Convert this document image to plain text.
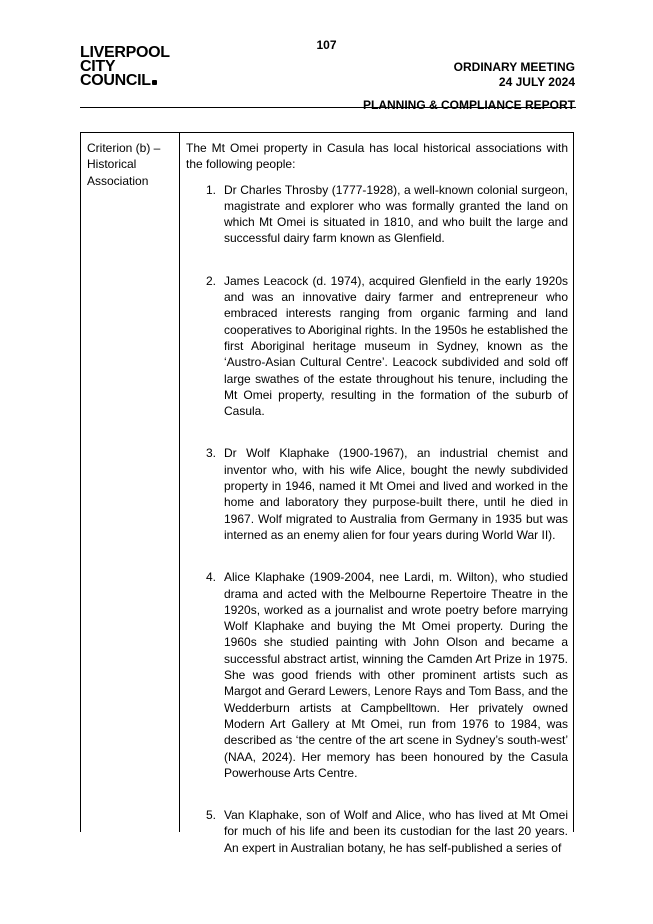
107
LIVERPOOL
CITY
COUNCIL
ORDINARY MEETING
24 JULY 2024
PLANNING & COMPLIANCE REPORT
Criterion (b) – Historical Association

The Mt Omei property in Casula has local historical associations with the following people:

1. Dr Charles Throsby (1777-1928), a well-known colonial surgeon, magistrate and explorer who was formally granted the land on which Mt Omei is situated in 1810, and who built the large and successful dairy farm known as Glenfield.
2. James Leacock (d. 1974), acquired Glenfield in the early 1920s and was an innovative dairy farmer and entrepreneur who embraced interests ranging from organic farming and land cooperatives to Aboriginal rights. In the 1950s he established the first Aboriginal heritage museum in Sydney, known as the ‘Austro-Asian Cultural Centre’. Leacock subdivided and sold off large swathes of the estate throughout his tenure, including the Mt Omei property, resulting in the formation of the suburb of Casula.
3. Dr Wolf Klaphake (1900-1967), an industrial chemist and inventor who, with his wife Alice, bought the newly subdivided property in 1946, named it Mt Omei and lived and worked in the home and laboratory they purpose-built there, until he died in 1967. Wolf migrated to Australia from Germany in 1935 but was interned as an enemy alien for four years during World War II).
4. Alice Klaphake (1909-2004, nee Lardi, m. Wilton), who studied drama and acted with the Melbourne Repertoire Theatre in the 1920s, worked as a journalist and wrote poetry before marrying Wolf Klaphake and buying the Mt Omei property. During the 1960s she studied painting with John Olson and became a successful abstract artist, winning the Camden Art Prize in 1975. She was good friends with other prominent artists such as Margot and Gerard Lewers, Lenore Rays and Tom Bass, and the Wedderburn artists at Campbelltown. Her privately owned Modern Art Gallery at Mt Omei, run from 1976 to 1984, was described as ‘the centre of the art scene in Sydney’s south-west’ (NAA, 2024). Her memory has been honoured by the Casula Powerhouse Arts Centre.
5. Van Klaphake, son of Wolf and Alice, who has lived at Mt Omei for much of his life and been its custodian for the last 20 years. An expert in Australian botany, he has self-published a series of
